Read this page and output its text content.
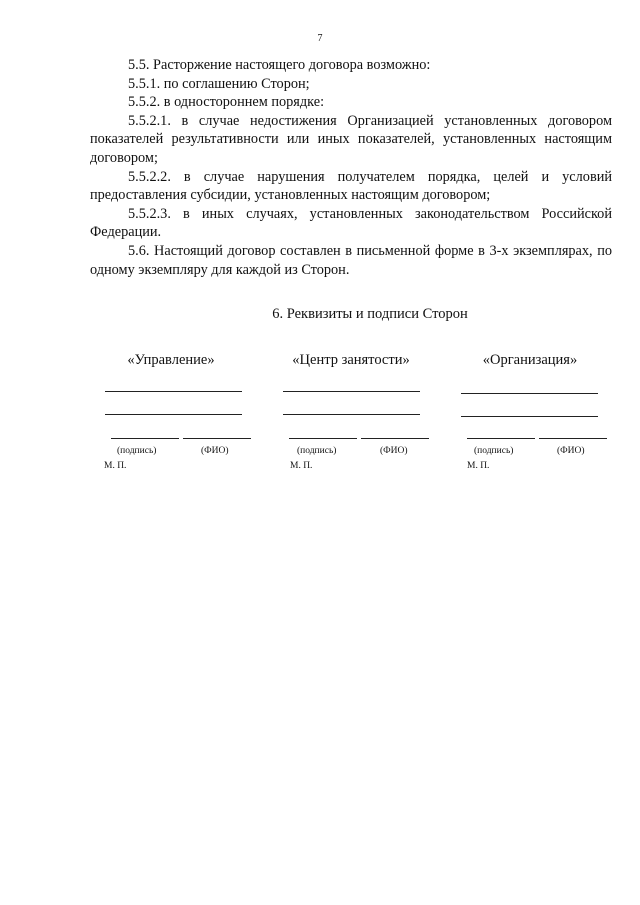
7

5.5. Расторжение настоящего договора возможно:

5.5.1. по соглашению Сторон;

5.5.2. в одностороннем порядке:

5.5.2.1. в случае недостижения Организацией установленных договором показателей результативности или иных показателей, установленных настоящим договором;

5.5.2.2. в случае нарушения получателем порядка, целей и условий предоставления субсидии, установленных настоящим договором;

5.5.2.3. в иных случаях, установленных законодательством Российской Федерации.

5.6. Настоящий договор составлен в письменной форме в 3-х экземплярах, по одному экземпляру для каждой из Сторон.

6. Реквизиты и подписи Сторон
«Управление»
(подпись)	(ФИО)
М. П.
«Центр занятости»
(подпись)	(ФИО)
М. П.
«Организация»
(подпись)	(ФИО)
М. П.
